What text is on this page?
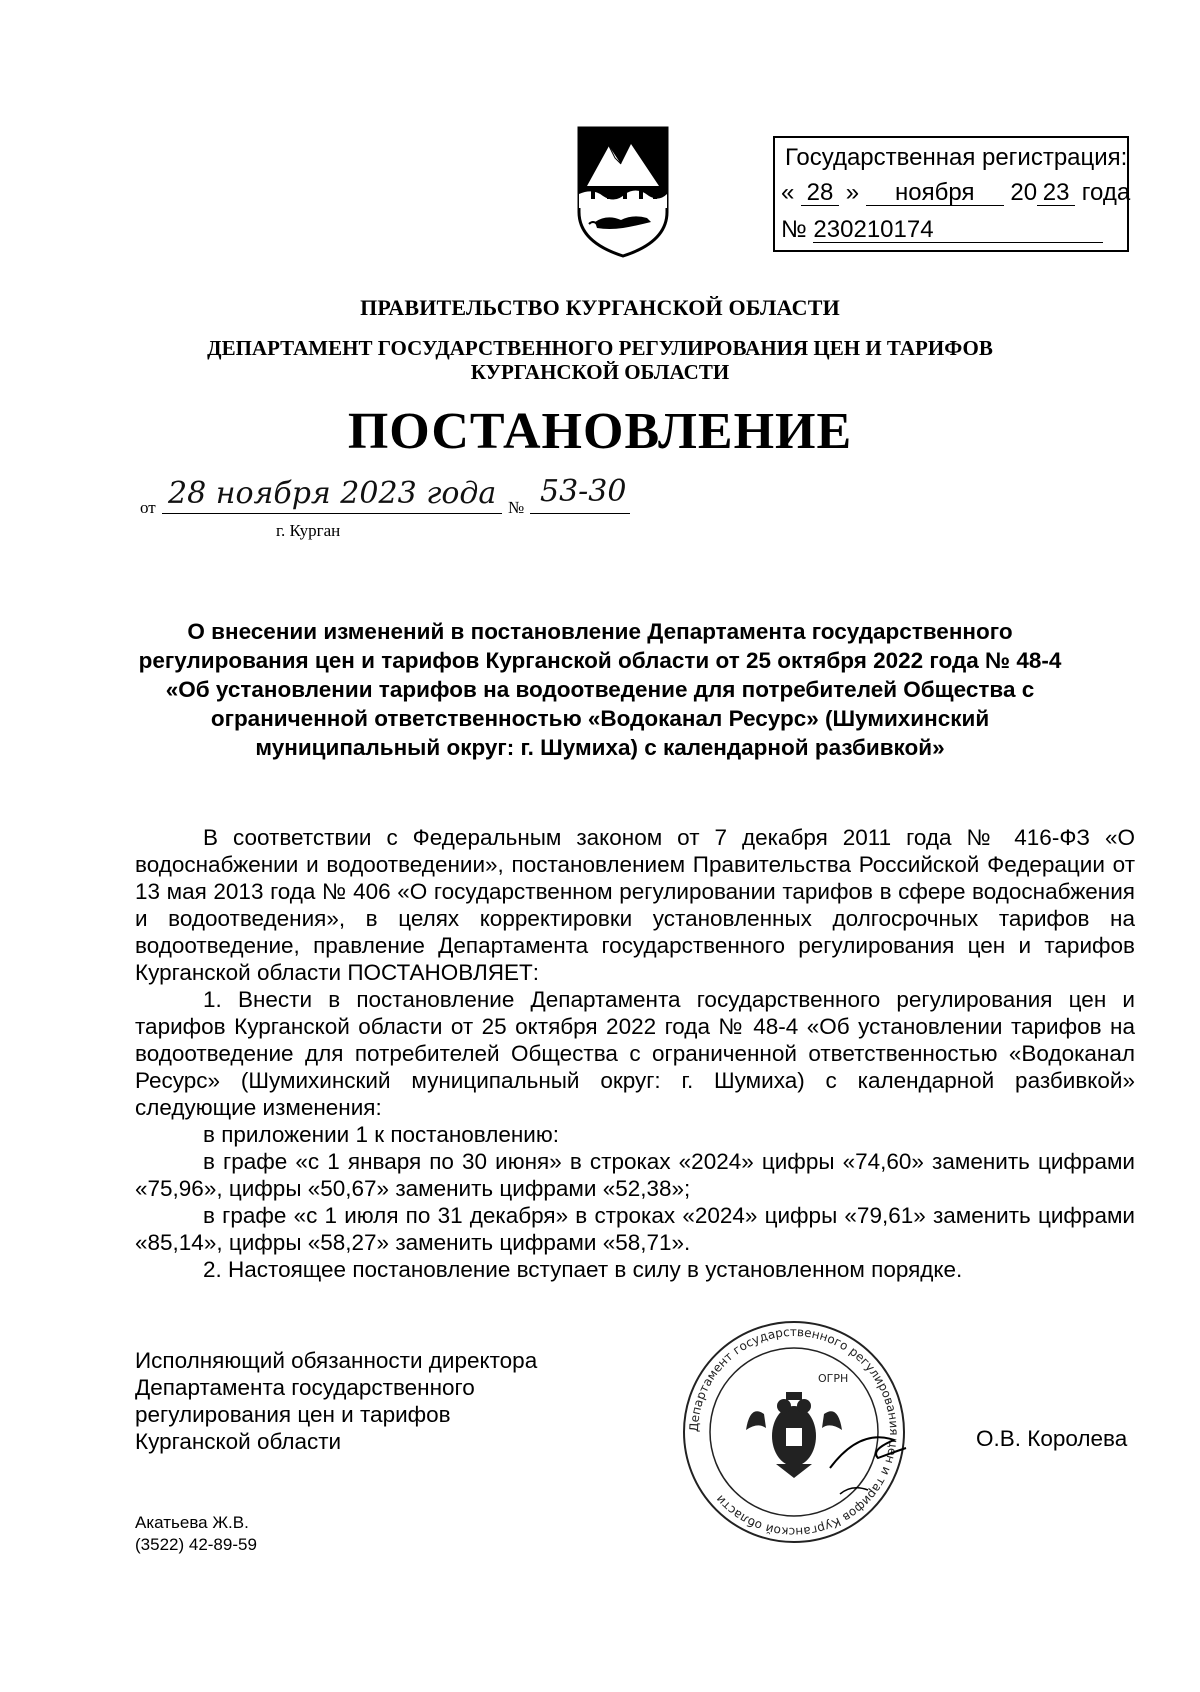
Государственная регистрация:
« 28 » ноября 20 23 года
№ 230210174
ПРАВИТЕЛЬСТВО КУРГАНСКОЙ ОБЛАСТИ
ДЕПАРТАМЕНТ ГОСУДАРСТВЕННОГО РЕГУЛИРОВАНИЯ ЦЕН И ТАРИФОВ
КУРГАНСКОЙ ОБЛАСТИ
ПОСТАНОВЛЕНИЕ
от 28 ноября 2023 года № 53-30
г. Курган
О внесении изменений в постановление Департамента государственного
регулирования цен и тарифов Курганской области от 25 октября 2022 года № 48-4
«Об установлении тарифов на водоотведение для потребителей Общества с
ограниченной ответственностью «Водоканал Ресурс» (Шумихинский
муниципальный округ: г. Шумиха) с календарной разбивкой»
В соответствии с Федеральным законом от 7 декабря 2011 года № 416-ФЗ «О водоснабжении и водоотведении», постановлением Правительства Российской Федерации от 13 мая 2013 года № 406 «О государственном регулировании тарифов в сфере водоснабжения и водоотведения», в целях корректировки установленных долгосрочных тарифов на водоотведение, правление Департамента государственного регулирования цен и тарифов Курганской области ПОСТАНОВЛЯЕТ:
1. Внести в постановление Департамента государственного регулирования цен и тарифов Курганской области от 25 октября 2022 года № 48-4 «Об установлении тарифов на водоотведение для потребителей Общества с ограниченной ответственностью «Водоканал Ресурс» (Шумихинский муниципальный округ: г. Шумиха) с календарной разбивкой» следующие изменения:
в приложении 1 к постановлению:
в графе «с 1 января по 30 июня» в строках «2024» цифры «74,60» заменить цифрами «75,96», цифры «50,67» заменить цифрами «52,38»;
в графе «с 1 июля по 31 декабря» в строках «2024» цифры «79,61» заменить цифрами «85,14», цифры «58,27» заменить цифрами «58,71».
2. Настоящее постановление вступает в силу в установленном порядке.
Исполняющий обязанности директора
Департамента государственного
регулирования цен и тарифов
Курганской области
Департамент государственного регулирования цен и тарифов Курганской области
ОГРН
О.В. Королева
Акатьева Ж.В.
(3522) 42-89-59
